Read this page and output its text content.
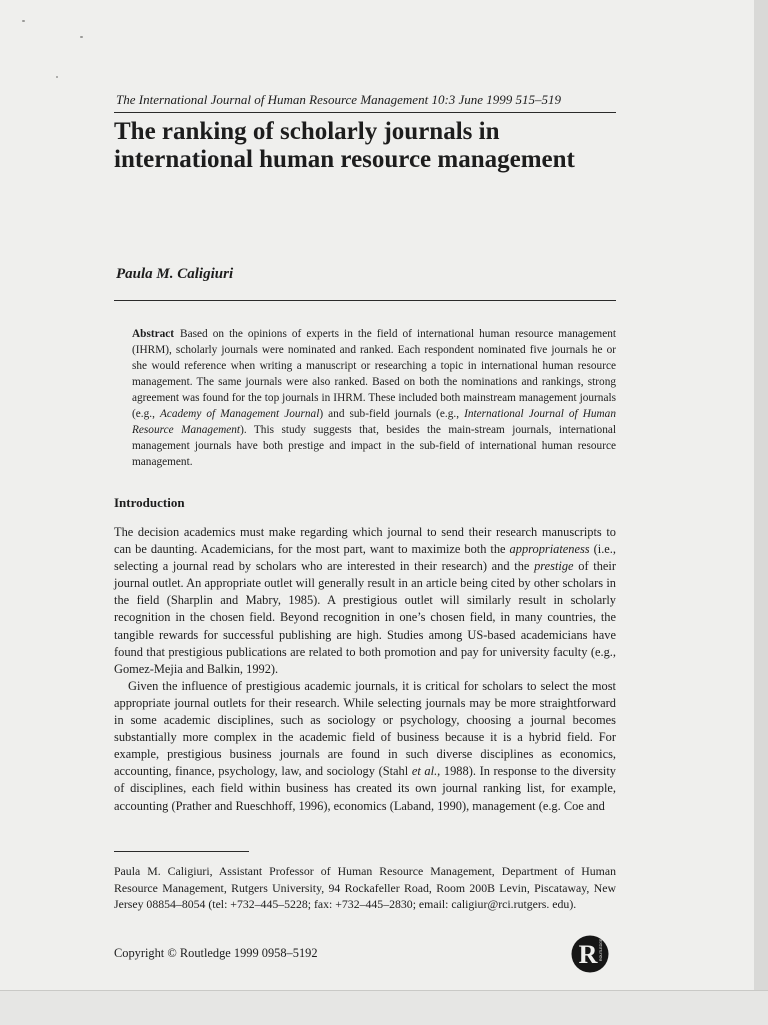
The International Journal of Human Resource Management 10:3 June 1999 515–519
The ranking of scholarly journals in international human resource management
Paula M. Caligiuri

Abstract Based on the opinions of experts in the field of international human resource management (IHRM), scholarly journals were nominated and ranked. Each respondent nominated five journals he or she would reference when writing a manuscript or researching a topic in international human resource management. The same journals were also ranked. Based on both the nominations and rankings, strong agreement was found for the top journals in IHRM. These included both mainstream management journals (e.g., Academy of Management Journal) and sub-field journals (e.g., International Journal of Human Resource Management). This study suggests that, besides the main-stream journals, international management journals have both prestige and impact in the sub-field of international human resource management.

Introduction

The decision academics must make regarding which journal to send their research manuscripts to can be daunting. Academicians, for the most part, want to maximize both the appropriateness (i.e., selecting a journal read by scholars who are interested in their research) and the prestige of their journal outlet. An appropriate outlet will generally result in an article being cited by other scholars in the field (Sharplin and Mabry, 1985). A prestigious outlet will similarly result in scholarly recognition in the chosen field. Beyond recognition in one’s chosen field, in many countries, the tangible rewards for successful publishing are high. Studies among US-based academicians have found that prestigious publications are related to both promotion and pay for university faculty (e.g., Gomez-Mejia and Balkin, 1992).

Given the influence of prestigious academic journals, it is critical for scholars to select the most appropriate journal outlets for their research. While selecting journals may be more straightforward in some academic disciplines, such as sociology or psychology, choosing a journal becomes substantially more complex in the academic field of business because it is a hybrid field. For example, prestigious business journals are found in such diverse disciplines as economics, accounting, finance, psychology, law, and sociology (Stahl et al., 1988). In response to the diversity of disciplines, each field within business has created its own journal ranking list, for example, accounting (Prather and Rueschhoff, 1996), economics (Laband, 1990), management (e.g. Coe and

Paula M. Caligiuri, Assistant Professor of Human Resource Management, Department of Human Resource Management, Rutgers University, 94 Rockafeller Road, Room 200B Levin, Piscataway, New Jersey 08854–8054 (tel: +732–445–5228; fax: +732–445–2830; email: caligiur@rci.rutgers. edu).

Copyright © Routledge 1999 0958–5192	R ROUTLEDGE
